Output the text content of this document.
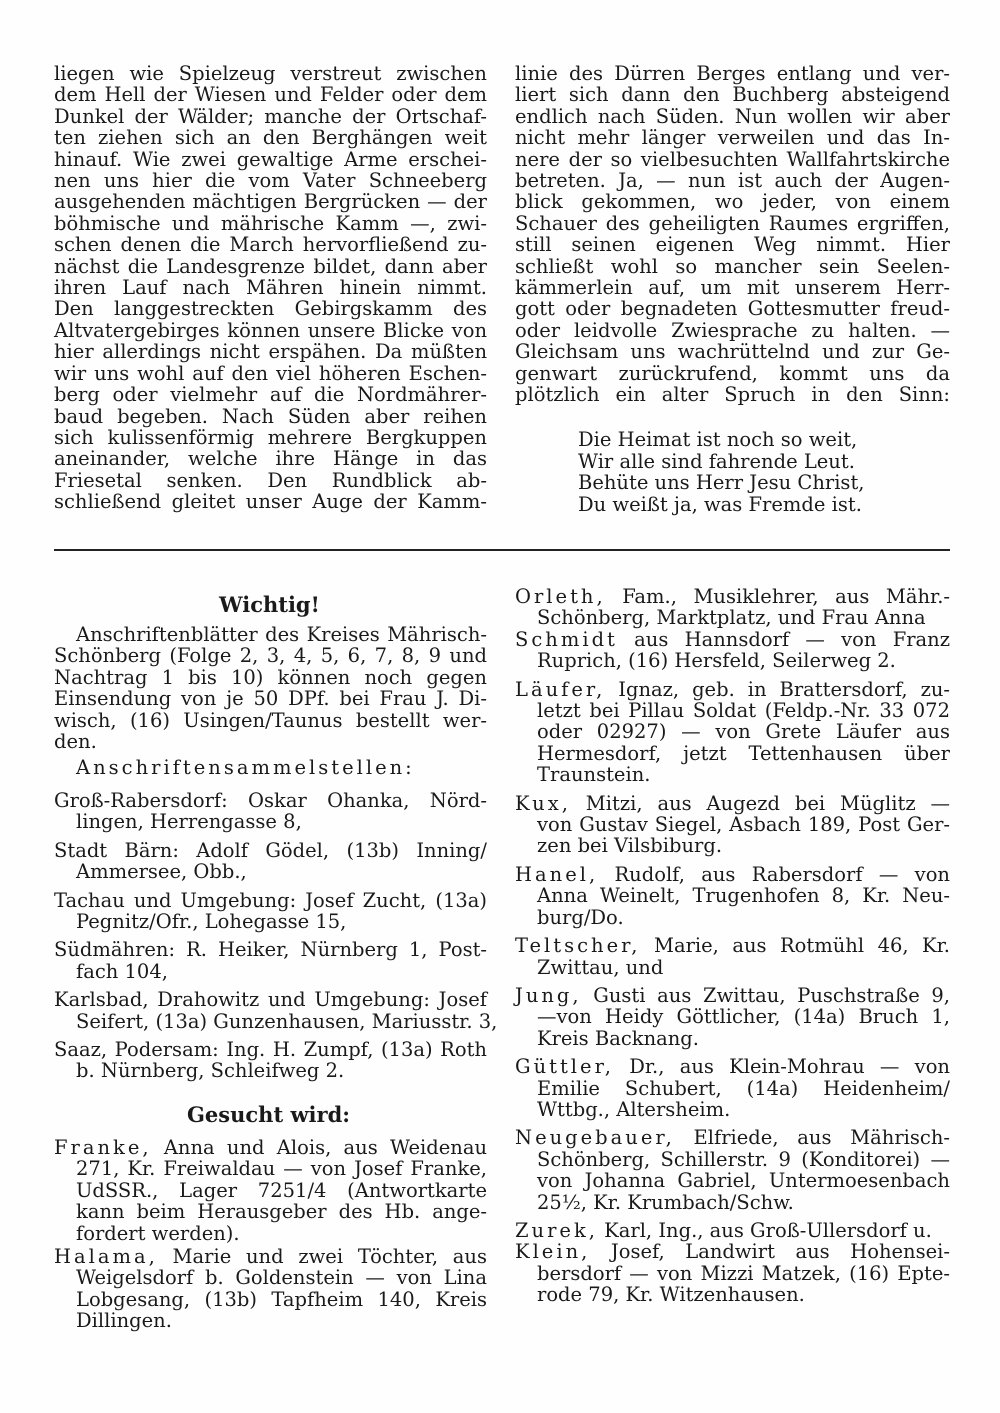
liegen wie Spielzeug verstreut zwischen
dem Hell der Wiesen und Felder oder dem
Dunkel der Wälder; manche der Ortschaf-
ten ziehen sich an den Berghängen weit
hinauf. Wie zwei gewaltige Arme erschei-
nen uns hier die vom Vater Schneeberg
ausgehenden mächtigen Bergrücken — der
böhmische und mährische Kamm —, zwi-
schen denen die March hervorfließend zu-
nächst die Landesgrenze bildet, dann aber
ihren Lauf nach Mähren hinein nimmt.
Den langgestreckten Gebirgskamm des
Altvatergebirges können unsere Blicke von
hier allerdings nicht erspähen. Da müßten
wir uns wohl auf den viel höheren Eschen-
berg oder vielmehr auf die Nordmährer-
baud begeben. Nach Süden aber reihen
sich kulissenförmig mehrere Bergkuppen
aneinander, welche ihre Hänge in das
Friesetal senken. Den Rundblick ab-
schließend gleitet unser Auge der Kamm-

linie des Dürren Berges entlang und ver-
liert sich dann den Buchberg absteigend
endlich nach Süden. Nun wollen wir aber
nicht mehr länger verweilen und das In-
nere der so vielbesuchten Wallfahrtskirche
betreten. Ja, — nun ist auch der Augen-
blick gekommen, wo jeder, von einem
Schauer des geheiligten Raumes ergriffen,
still seinen eigenen Weg nimmt. Hier
schließt wohl so mancher sein Seelen-
kämmerlein auf, um mit unserem Herr-
gott oder begnadeten Gottesmutter freud-
oder leidvolle Zwiesprache zu halten. —
Gleichsam uns wachrüttelnd und zur Ge-
genwart zurückrufend, kommt uns da
plötzlich ein alter Spruch in den Sinn:

Die Heimat ist noch so weit,
Wir alle sind fahrende Leut.
Behüte uns Herr Jesu Christ,
Du weißt ja, was Fremde ist.
Wichtig!
Anschriftenblätter des Kreises Mährisch-
Schönberg (Folge 2, 3, 4, 5, 6, 7, 8, 9 und
Nachtrag 1 bis 10) können noch gegen
Einsendung von je 50 DPf. bei Frau J. Di-
wisch, (16) Usingen/Taunus bestellt wer-
den.
Anschriftensammelstellen:
Groß-Rabersdorf: Oskar Ohanka, Nörd-
lingen, Herrengasse 8,
Stadt Bärn: Adolf Gödel, (13b) Inning/
Ammersee, Obb.,
Tachau und Umgebung: Josef Zucht, (13a)
Pegnitz/Ofr., Lohegasse 15,
Südmähren: R. Heiker, Nürnberg 1, Post-
fach 104,
Karlsbad, Drahowitz und Umgebung: Josef
Seifert, (13a) Gunzenhausen, Mariusstr. 3,
Saaz, Podersam: Ing. H. Zumpf, (13a) Roth
b. Nürnberg, Schleifweg 2.
Gesucht wird:
Franke, Anna und Alois, aus Weidenau
271, Kr. Freiwaldau — von Josef Franke,
UdSSR., Lager 7251/4 (Antwortkarte
kann beim Herausgeber des Hb. ange-
fordert werden).
Halama, Marie und zwei Töchter, aus
Weigelsdorf b. Goldenstein — von Lina
Lobgesang, (13b) Tapfheim 140, Kreis
Dillingen.
Orleth, Fam., Musiklehrer, aus Mähr.-
Schönberg, Marktplatz, und Frau Anna
Schmidt aus Hannsdorf — von Franz
Ruprich, (16) Hersfeld, Seilerweg 2.
Läufer, Ignaz, geb. in Brattersdorf, zu-
letzt bei Pillau Soldat (Feldp.-Nr. 33 072
oder 02927) — von Grete Läufer aus
Hermesdorf, jetzt Tettenhausen über
Traunstein.
Kux, Mitzi, aus Augezd bei Müglitz —
von Gustav Siegel, Asbach 189, Post Ger-
zen bei Vilsbiburg.
Hanel, Rudolf, aus Rabersdorf — von
Anna Weinelt, Trugenhofen 8, Kr. Neu-
burg/Do.
Teltscher, Marie, aus Rotmühl 46, Kr.
Zwittau, und
Jung, Gusti aus Zwittau, Puschstraße 9,
—von Heidy Göttlicher, (14a) Bruch 1,
Kreis Backnang.
Güttler, Dr., aus Klein-Mohrau — von
Emilie Schubert, (14a) Heidenheim/
Wttbg., Altersheim.
Neugebauer, Elfriede, aus Mährisch-
Schönberg, Schillerstr. 9 (Konditorei) —
von Johanna Gabriel, Untermoesenbach
25½, Kr. Krumbach/Schw.
Zurek, Karl, Ing., aus Groß-Ullersdorf u.
Klein, Josef, Landwirt aus Hohensei-
bersdorf — von Mizzi Matzek, (16) Epte-
rode 79, Kr. Witzenhausen.
